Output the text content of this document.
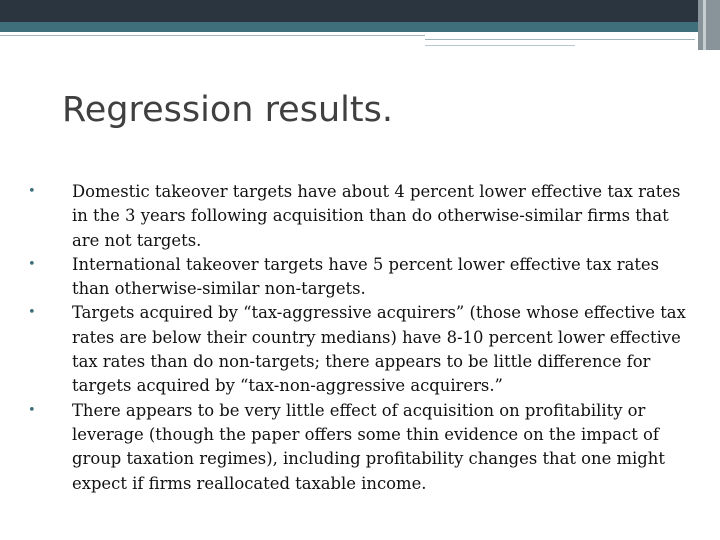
Regression results.
•	Domestic takeover targets have about 4 percent lower effective tax rates in the 3 years following acquisition than do otherwise-similar firms that are not targets.
•	International takeover targets have 5 percent lower effective tax rates than otherwise-similar non-targets.
•	Targets acquired by “tax-aggressive acquirers” (those whose effective tax rates are below their country medians) have 8-10 percent lower effective tax rates than do non-targets; there appears to be little difference for targets acquired by “tax-non-aggressive acquirers.”
•	There appears to be very little effect of acquisition on profitability or leverage (though the paper offers some thin evidence on the impact of group taxation regimes), including profitability changes that one might expect if firms reallocated taxable income.
